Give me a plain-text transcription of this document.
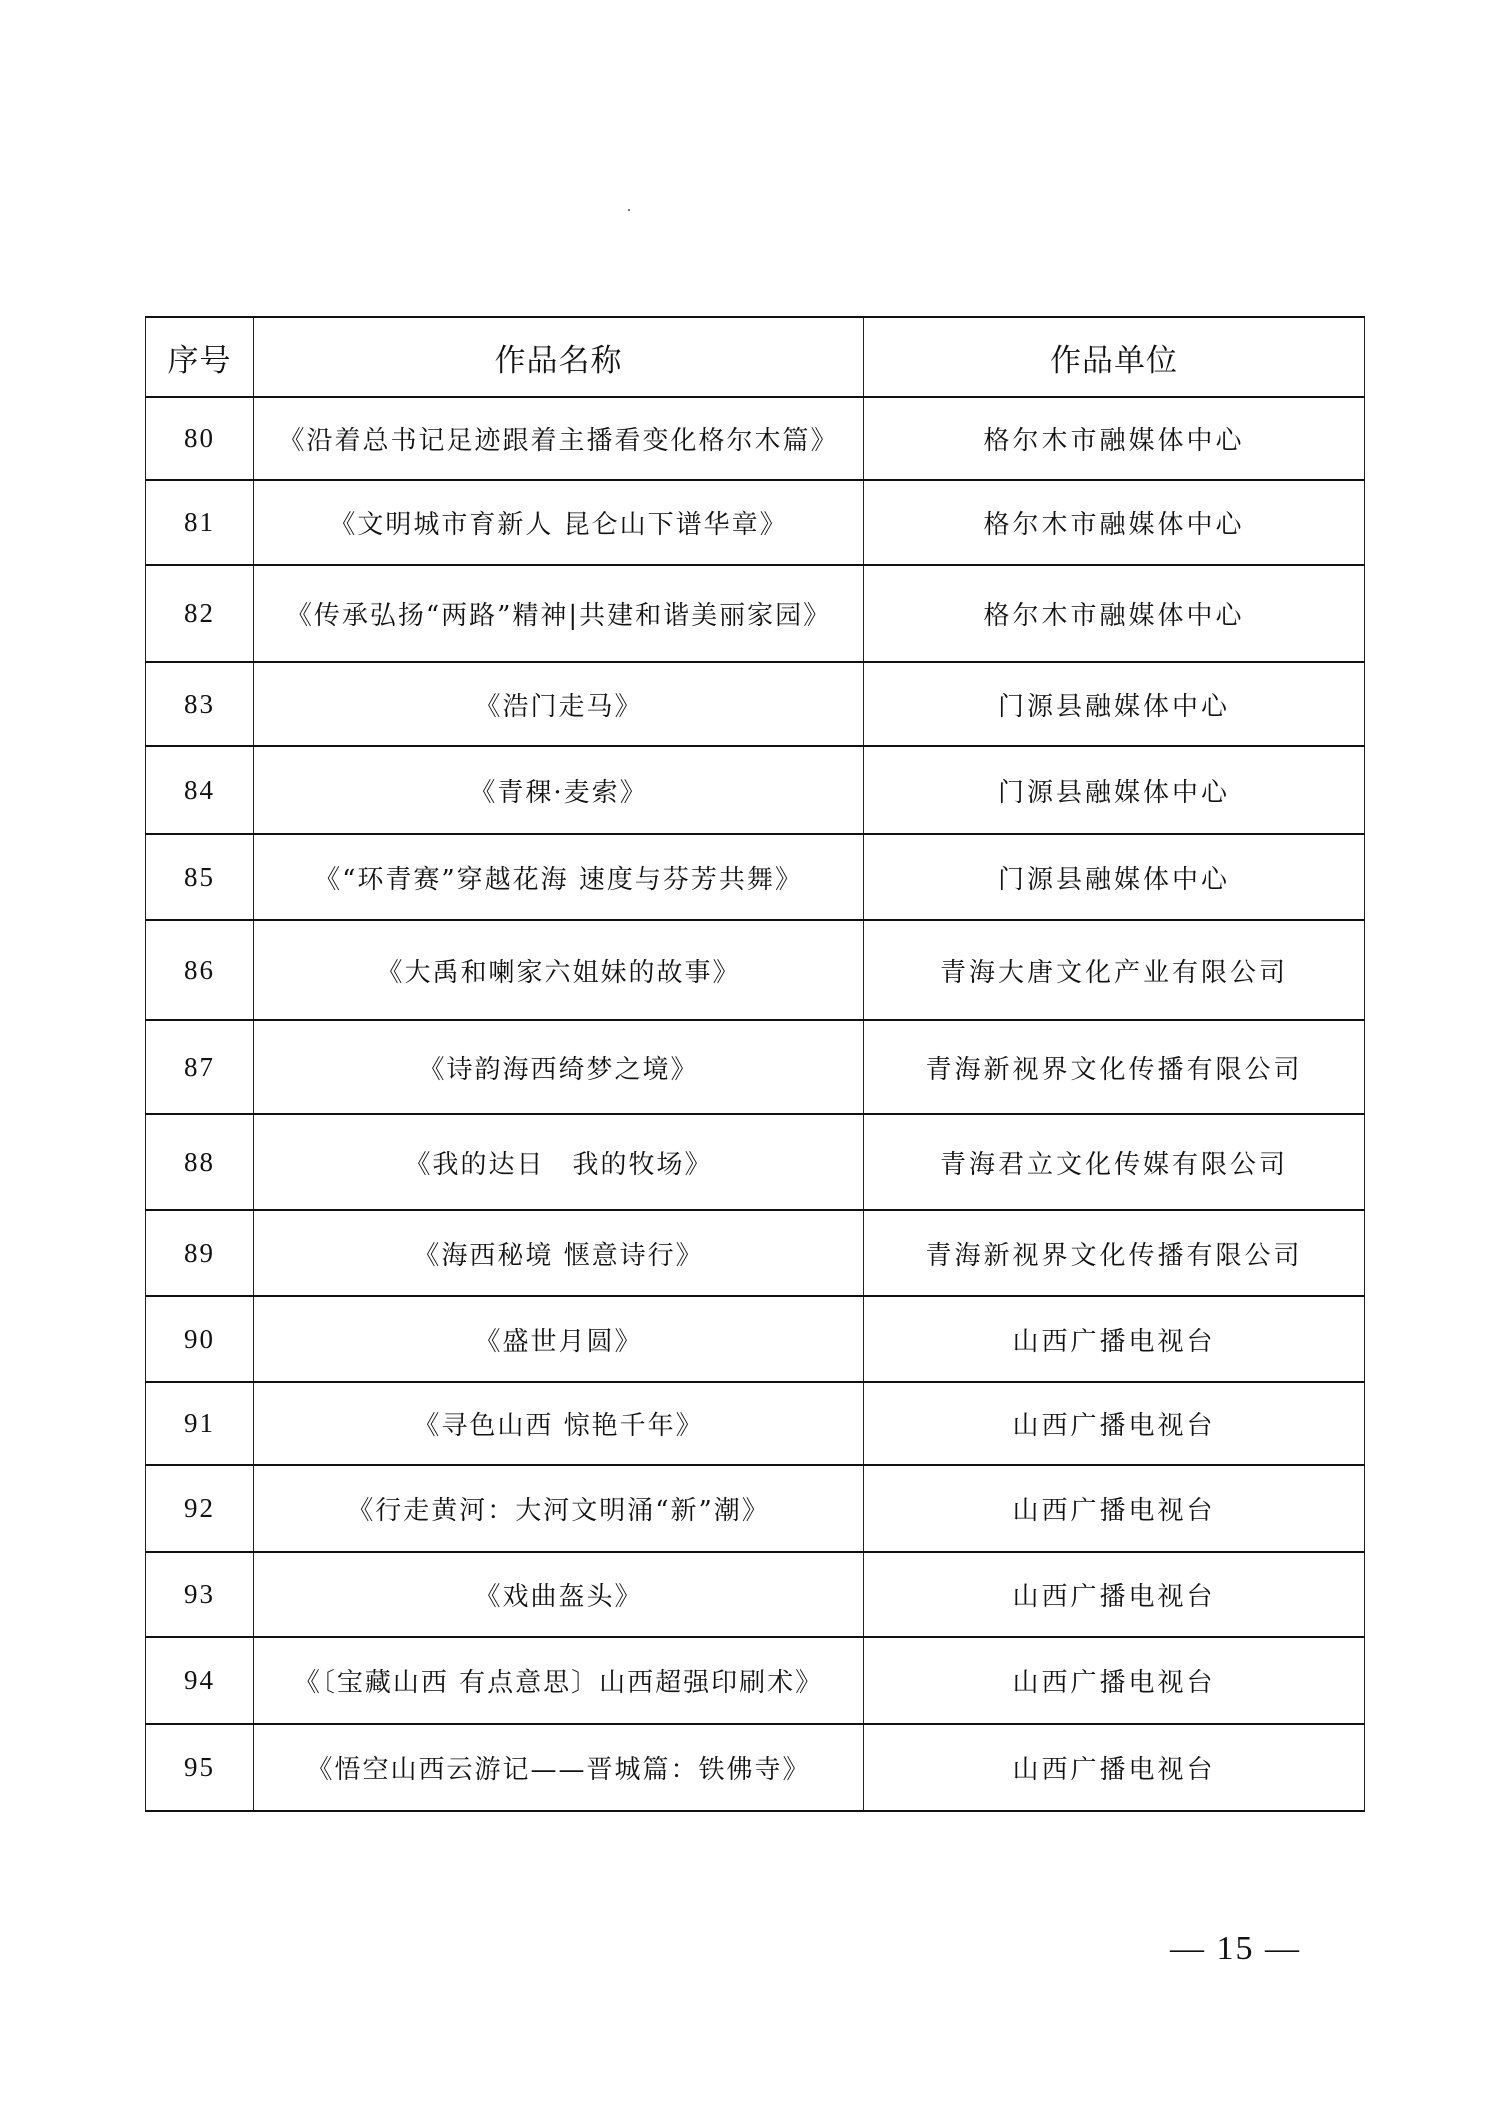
序号	作品名称	作品单位
80	《沿着总书记足迹跟着主播看变化格尔木篇》	格尔木市融媒体中心
81	《文明城市育新人 昆仑山下谱华章》	格尔木市融媒体中心
82	《传承弘扬“两路”精神|共建和谐美丽家园》	格尔木市融媒体中心
83	《浩门走马》	门源县融媒体中心
84	《青稞·麦索》	门源县融媒体中心
85	《“环青赛”穿越花海 速度与芬芳共舞》	门源县融媒体中心
86	《大禹和喇家六姐妹的故事》	青海大唐文化产业有限公司
87	《诗韵海西绮梦之境》	青海新视界文化传播有限公司
88	《我的达日　我的牧场》	青海君立文化传媒有限公司
89	《海西秘境 惬意诗行》	青海新视界文化传播有限公司
90	《盛世月圆》	山西广播电视台
91	《寻色山西 惊艳千年》	山西广播电视台
92	《行走黄河：大河文明涌“新”潮》	山西广播电视台
93	《戏曲盔头》	山西广播电视台
94	《〔宝藏山西 有点意思〕山西超强印刷术》	山西广播电视台
95	《悟空山西云游记——晋城篇：铁佛寺》	山西广播电视台
— 15 —
